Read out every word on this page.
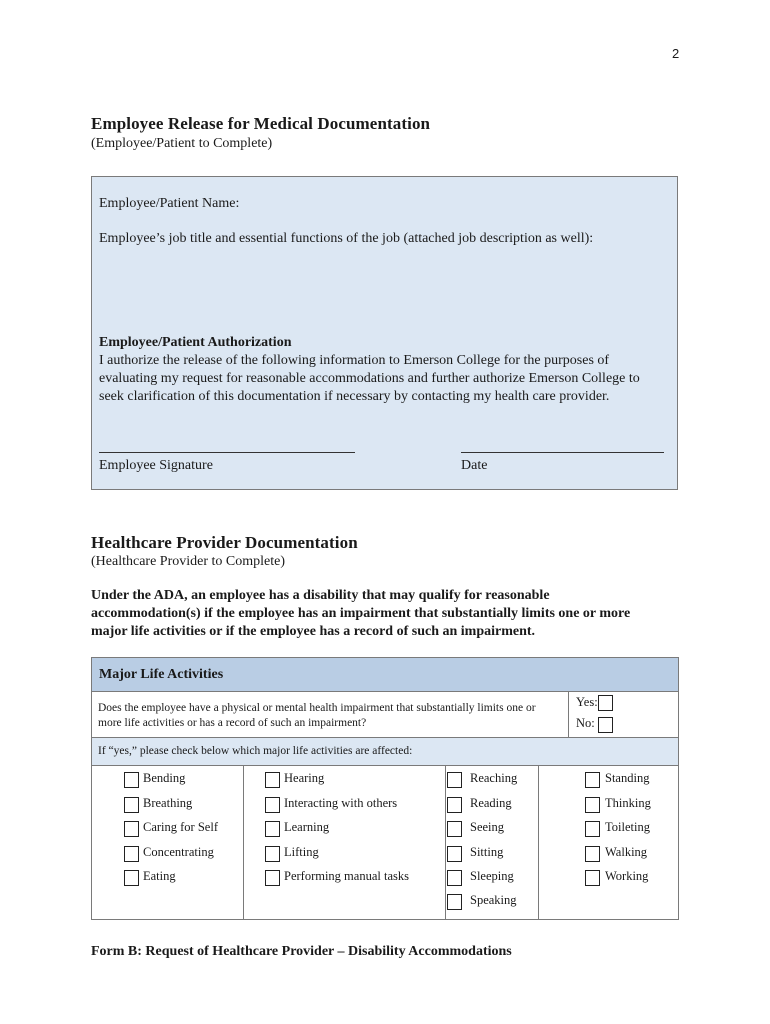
2
Employee Release for Medical Documentation
(Employee/Patient to Complete)
Employee/Patient Name:
Employee’s job title and essential functions of the job (attached job description as well):
Employee/Patient Authorization
I authorize the release of the following information to Emerson College for the purposes of
evaluating my request for reasonable accommodations and further authorize Emerson College to
seek clarification of this documentation if necessary by contacting my health care provider.
Employee Signature	Date
Healthcare Provider Documentation
(Healthcare Provider to Complete)
Under the ADA, an employee has a disability that may qualify for reasonable
accommodation(s) if the employee has an impairment that substantially limits one or more
major life activities or if the employee has a record of such an impairment.
Major Life Activities
Does the employee have a physical or mental health impairment that substantially limits one or
more life activities or has a record of such an impairment?
Yes:
No:
If “yes,” please check below which major life activities are affected:
Bending
Breathing
Caring for Self
Concentrating
Eating
Hearing
Interacting with others
Learning
Lifting
Performing manual tasks
Reaching
Reading
Seeing
Sitting
Sleeping
Speaking
Standing
Thinking
Toileting
Walking
Working
Form B: Request of Healthcare Provider – Disability Accommodations
